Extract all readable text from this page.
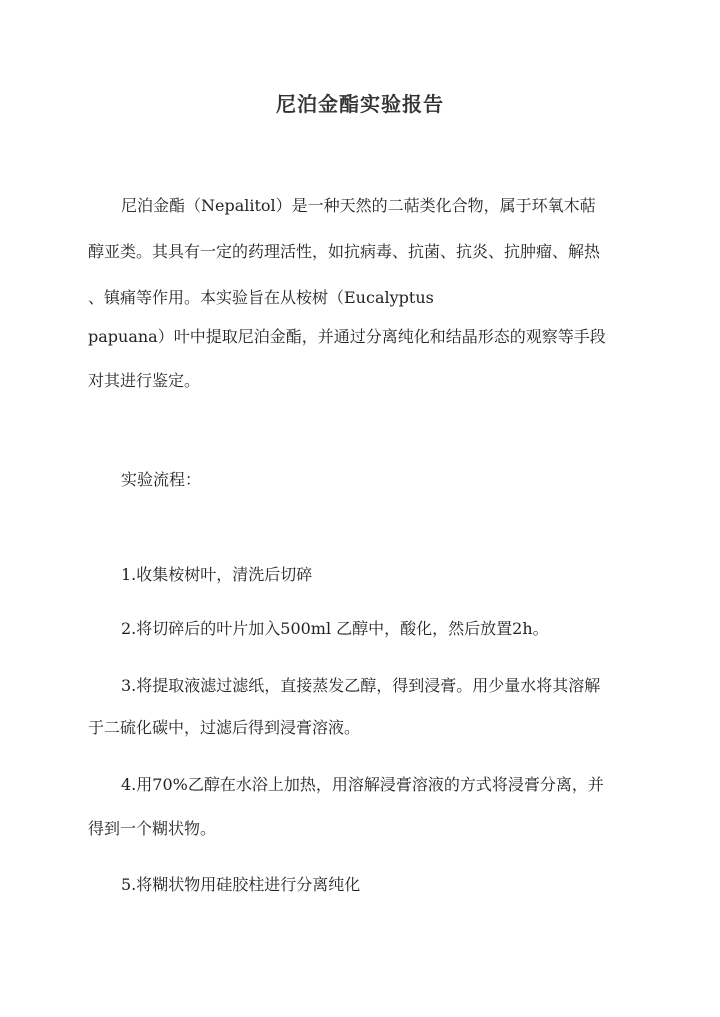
尼泊金酯实验报告
尼泊金酯（Nepalitol）是一种天然的二萜类化合物，属于环氧木萜
醇亚类。其具有一定的药理活性，如抗病毒、抗菌、抗炎、抗肿瘤、解热
、镇痛等作用。本实验旨在从桉树（Eucalyptus
papuana）叶中提取尼泊金酯，并通过分离纯化和结晶形态的观察等手段
对其进行鉴定。
实验流程：
1.收集桉树叶，清洗后切碎
2.将切碎后的叶片加入500ml 乙醇中，酸化，然后放置2h。
3.将提取液滤过滤纸，直接蒸发乙醇，得到浸膏。用少量水将其溶解
于二硫化碳中，过滤后得到浸膏溶液。
4.用70%乙醇在水浴上加热，用溶解浸膏溶液的方式将浸膏分离，并
得到一个糊状物。
5.将糊状物用硅胶柱进行分离纯化
